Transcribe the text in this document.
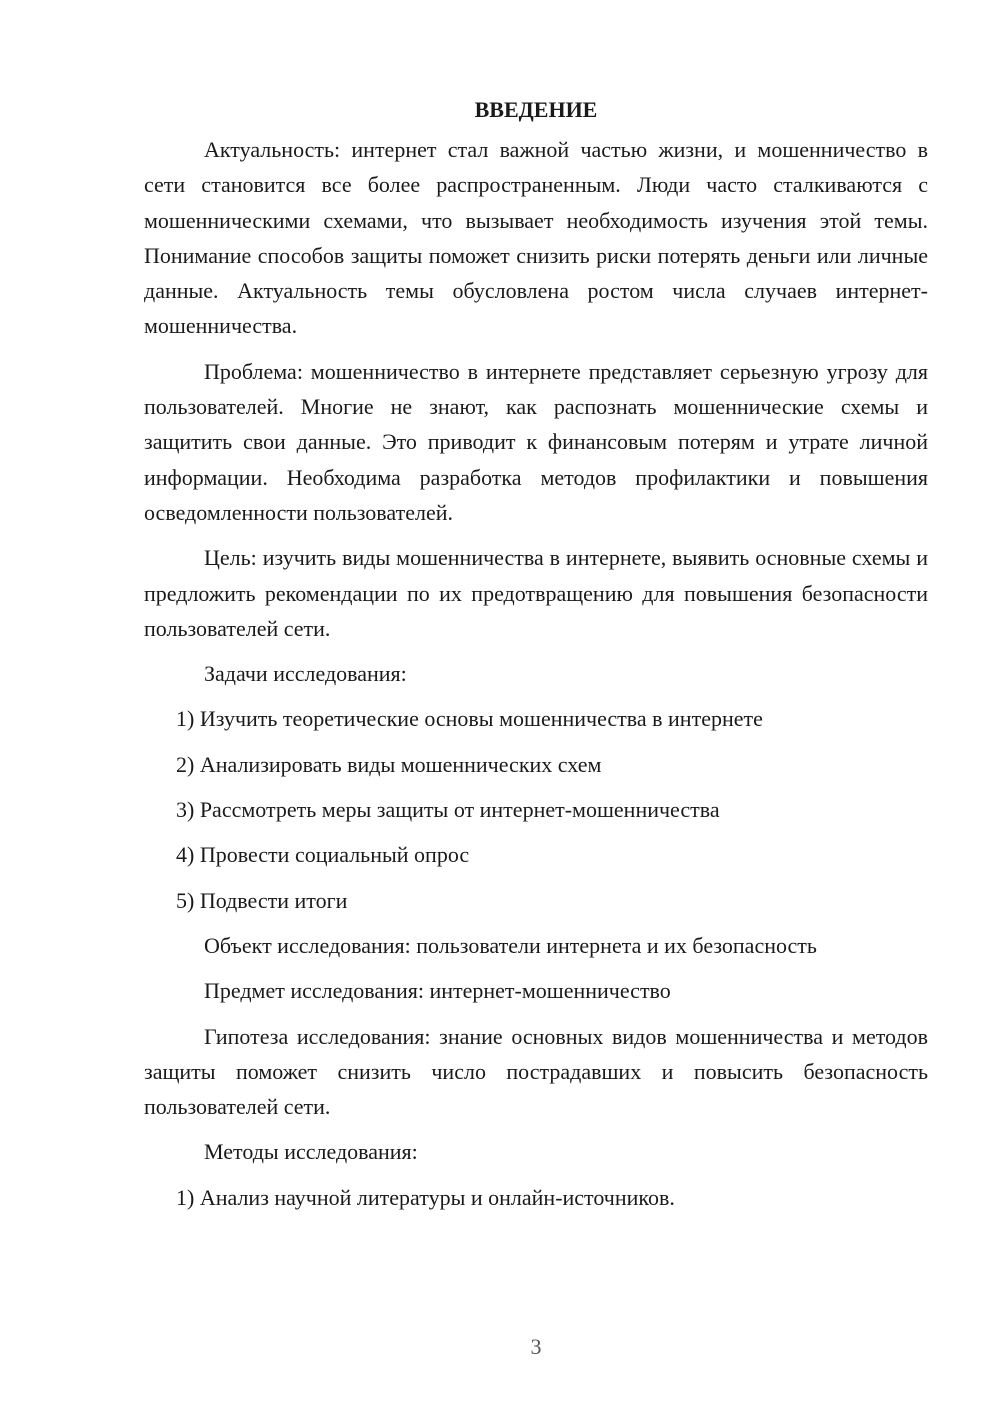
ВВЕДЕНИЕ

Актуальность: интернет стал важной частью жизни, и мошенничество в сети становится все более распространенным. Люди часто сталкиваются с мошенническими схемами, что вызывает необходимость изучения этой темы. Понимание способов защиты поможет снизить риски потерять деньги или личные данные. Актуальность темы обусловлена ростом числа случаев интернет-мошенничества.

Проблема: мошенничество в интернете представляет серьезную угрозу для пользователей. Многие не знают, как распознать мошеннические схемы и защитить свои данные. Это приводит к финансовым потерям и утрате личной информации. Необходима разработка методов профилактики и повышения осведомленности пользователей.

Цель: изучить виды мошенничества в интернете, выявить основные схемы и предложить рекомендации по их предотвращению для повышения безопасности пользователей сети.

Задачи исследования:

1) Изучить теоретические основы мошенничества в интернете

2) Анализировать виды мошеннических схем

3) Рассмотреть меры защиты от интернет-мошенничества

4) Провести социальный опрос

5) Подвести итоги

Объект исследования: пользователи интернета и их безопасность

Предмет исследования: интернет-мошенничество

Гипотеза исследования: знание основных видов мошенничества и методов защиты поможет снизить число пострадавших и повысить безопасность пользователей сети.

Методы исследования:

1) Анализ научной литературы и онлайн-источников.

3
